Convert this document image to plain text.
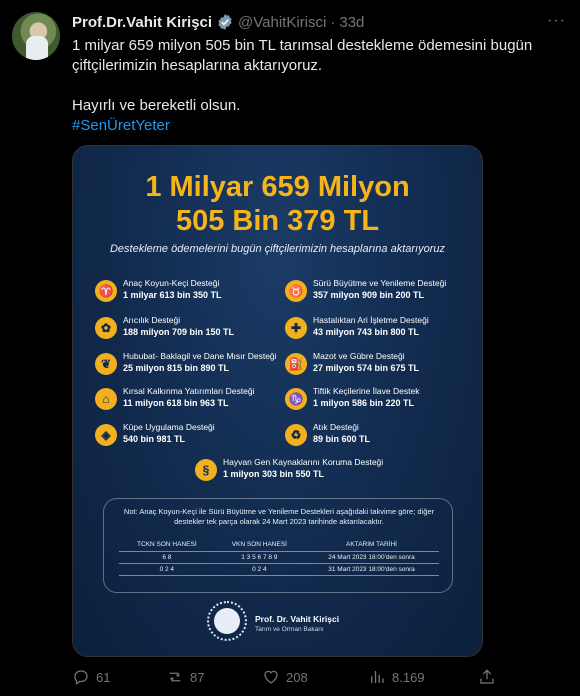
Prof.Dr.Vahit Kirişci @VahitKirisci · 33d	···

1 milyar 659 milyon 505 bin TL tarımsal destekleme ödemesini bugün

çiftçilerimizin hesaplarına aktarıyoruz.

Hayırlı ve bereketli olsun.

#SenÜretYeter

1 Milyar 659 Milyon
505 Bin 379 TL
Destekleme ödemelerini bugün çiftçilerimizin hesaplarına aktarıyoruz
♈
Anaç Koyun-Keçi Desteği
1 milyar 613 bin 350 TL	♉
Sürü Büyütme ve Yenileme Desteği
357 milyon 909 bin 200 TL
✿
Arıcılık Desteği
188 milyon 709 bin 150 TL	✚
Hastalıktan Ari İşletme Desteği
43 milyon 743 bin 800 TL
❦
Hububat- Baklagil ve Dane Mısır Desteği
25 milyon 815 bin 890 TL	⛽
Mazot ve Gübre Desteği
27 milyon 574 bin 675 TL
⌂
Kırsal Kalkınma Yatırımları Desteği
11 milyon 618 bin 963 TL	♑
Tiftik Keçilerine İlave Destek
1 milyon 586 bin 220 TL
◈
Küpe Uygulama Desteği
540 bin 981 TL	♻
Atık Desteği
89 bin 600 TL
§
Hayvan Gen Kaynaklarını Koruma Desteği
1 milyon 303 bin 550 TL
Not: Anaç Koyun-Keçi ile Sürü Büyütme ve Yenileme Destekleri aşağıdaki takvime göre; diğer destekler tek parça olarak 24 Mart 2023 tarihinde aktarılacaktır.
TCKN SON HANESİ	VKN SON HANESİ	AKTARIM TARİHİ
6 8	1 3 5 6 7 8 9	24 Mart 2023 18:00'den sonra
0 2 4	0 2 4	31 Mart 2023 18:00'den sonra
Prof. Dr. Vahit Kirişci
Tarım ve Orman Bakanı
61	87	208	8.169
